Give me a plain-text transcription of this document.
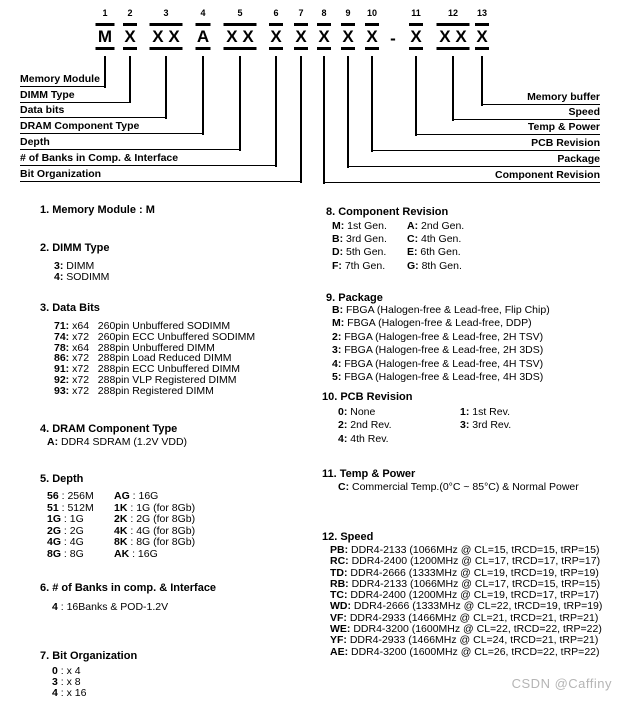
1
M
2
X
3
X X
4
A
5
X X
6
X
7
X
8
X
9
X
10
X -
11
X
12
X X
13
X
Memory Module
DIMM Type
Data bits
DRAM Component Type
Depth
# of Banks in Comp. & Interface
Bit Organization
Memory buffer
Speed
Temp & Power
PCB Revision
Package
Component Revision
1. Memory Module : M
2. DIMM Type
3: DIMM
4: SODIMM
3. Data Bits
71: x64   260pin Unbuffered SODIMM
74: x72   260pin ECC Unbuffered SODIMM
78: x64   288pin Unbuffered DIMM
86: x72   288pin Load Reduced DIMM
91: x72   288pin ECC Unbuffered DIMM
92: x72   288pin VLP Registered DIMM
93: x72   288pin Registered DIMM
4. DRAM Component Type
A: DDR4 SDRAM (1.2V VDD)
5. Depth
56 : 256M
51 : 512M
1G : 1G
2G : 2G
4G : 4G
8G : 8G
AG : 16G
1K : 1G (for 8Gb)
2K : 2G (for 8Gb)
4K : 4G (for 8Gb)
8K : 8G (for 8Gb)
AK : 16G
6. # of Banks in comp. & Interface
4 : 16Banks & POD-1.2V
7. Bit Organization
0 : x 4
3 : x 8
4 : x 16
8. Component Revision
M: 1st Gen.
B: 3rd Gen.
D: 5th Gen.
F: 7th Gen.
A: 2nd Gen.
C: 4th Gen.
E: 6th Gen.
G: 8th Gen.
9. Package
B: FBGA (Halogen-free & Lead-free, Flip Chip)
M: FBGA (Halogen-free & Lead-free, DDP)
2: FBGA (Halogen-free & Lead-free, 2H TSV)
3: FBGA (Halogen-free & Lead-free, 2H 3DS)
4: FBGA (Halogen-free & Lead-free, 4H TSV)
5: FBGA (Halogen-free & Lead-free, 4H 3DS)
10. PCB Revision
0: None
2: 2nd Rev.
4: 4th Rev.
1: 1st Rev.
3: 3rd Rev.
11. Temp & Power
C: Commercial Temp.(0°C ~ 85°C) & Normal Power
12. Speed
PB: DDR4-2133 (1066MHz @ CL=15, tRCD=15, tRP=15)
RC: DDR4-2400 (1200MHz @ CL=17, tRCD=17, tRP=17)
TD: DDR4-2666 (1333MHz @ CL=19, tRCD=19, tRP=19)
RB: DDR4-2133 (1066MHz @ CL=17, tRCD=15, tRP=15)
TC: DDR4-2400 (1200MHz @ CL=19, tRCD=17, tRP=17)
WD: DDR4-2666 (1333MHz @ CL=22, tRCD=19, tRP=19)
VF: DDR4-2933 (1466MHz @ CL=21, tRCD=21, tRP=21)
WE: DDR4-3200 (1600MHz @ CL=22, tRCD=22, tRP=22)
YF: DDR4-2933 (1466MHz @ CL=24, tRCD=21, tRP=21)
AE: DDR4-3200 (1600MHz @ CL=26, tRCD=22, tRP=22)
CSDN @Caffiny
